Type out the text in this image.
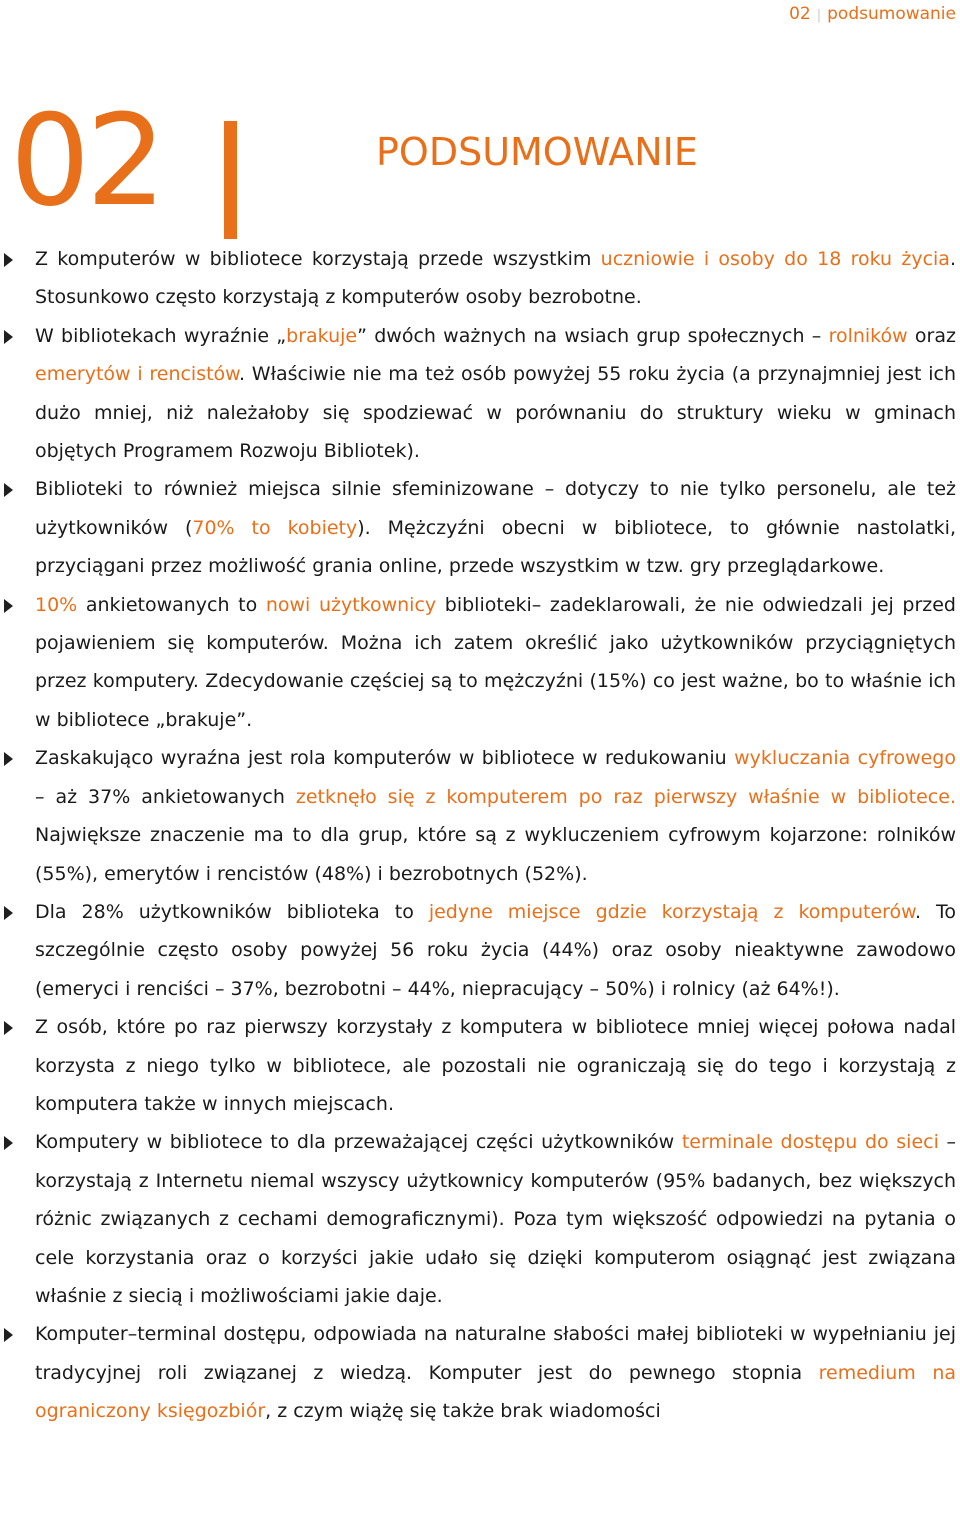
02 | podsumowanie
02	PODSUMOWANIE
Z komputerów w bibliotece korzystają przede wszystkim uczniowie i osoby do 18 roku życia. Stosunkowo często korzystają z komputerów osoby bezrobotne.
W bibliotekach wyraźnie „brakuje” dwóch ważnych na wsiach grup społecznych – rolników oraz emerytów i rencistów. Właściwie nie ma też osób powyżej 55 roku życia (a przynajmniej jest ich dużo mniej, niż należałoby się spodziewać w porównaniu do struktury wieku w gminach objętych Programem Rozwoju Bibliotek).
Biblioteki to również miejsca silnie sfeminizowane – dotyczy to nie tylko personelu, ale też użytkowników (70% to kobiety). Mężczyźni obecni w bibliotece, to głównie nastolatki, przyciągani przez możliwość grania online, przede wszystkim w tzw. gry przeglądarkowe.
10% ankietowanych to nowi użytkownicy biblioteki– zadeklarowali, że nie odwiedzali jej przed pojawieniem się komputerów. Można ich zatem określić jako użytkowników przyciągniętych przez komputery. Zdecydowanie częściej są to mężczyźni (15%) co jest ważne, bo to właśnie ich w bibliotece „brakuje”.
Zaskakująco wyraźna jest rola komputerów w bibliotece w redukowaniu wykluczania cyfrowego – aż 37% ankietowanych zetknęło się z komputerem po raz pierwszy właśnie w bibliotece. Największe znaczenie ma to dla grup, które są z wykluczeniem cyfrowym kojarzone: rolników (55%), emerytów i rencistów (48%) i bezrobotnych (52%).
Dla 28% użytkowników biblioteka to jedyne miejsce gdzie korzystają z komputerów. To szczególnie często osoby powyżej 56 roku życia (44%) oraz osoby nieaktywne zawodowo (emeryci i renciści – 37%, bezrobotni – 44%, niepracujący – 50%) i rolnicy (aż 64%!).
Z osób, które po raz pierwszy korzystały z komputera w bibliotece mniej więcej połowa nadal korzysta z niego tylko w bibliotece, ale pozostali nie ograniczają się do tego i korzystają z komputera także w innych miejscach.
Komputery w bibliotece to dla przeważającej części użytkowników terminale dostępu do sieci – korzystają z Internetu niemal wszyscy użytkownicy komputerów (95% badanych, bez większych różnic związanych z cechami demograficznymi). Poza tym większość odpowiedzi na pytania o cele korzystania oraz o korzyści jakie udało się dzięki komputerom osiągnąć jest związana właśnie z siecią i możliwościami jakie daje.
Komputer–terminal dostępu, odpowiada na naturalne słabości małej biblioteki w wypełnianiu jej tradycyjnej roli związanej z wiedzą. Komputer jest do pewnego stopnia remedium na ograniczony księgozbiór, z czym wiążę się także brak wiadomości
